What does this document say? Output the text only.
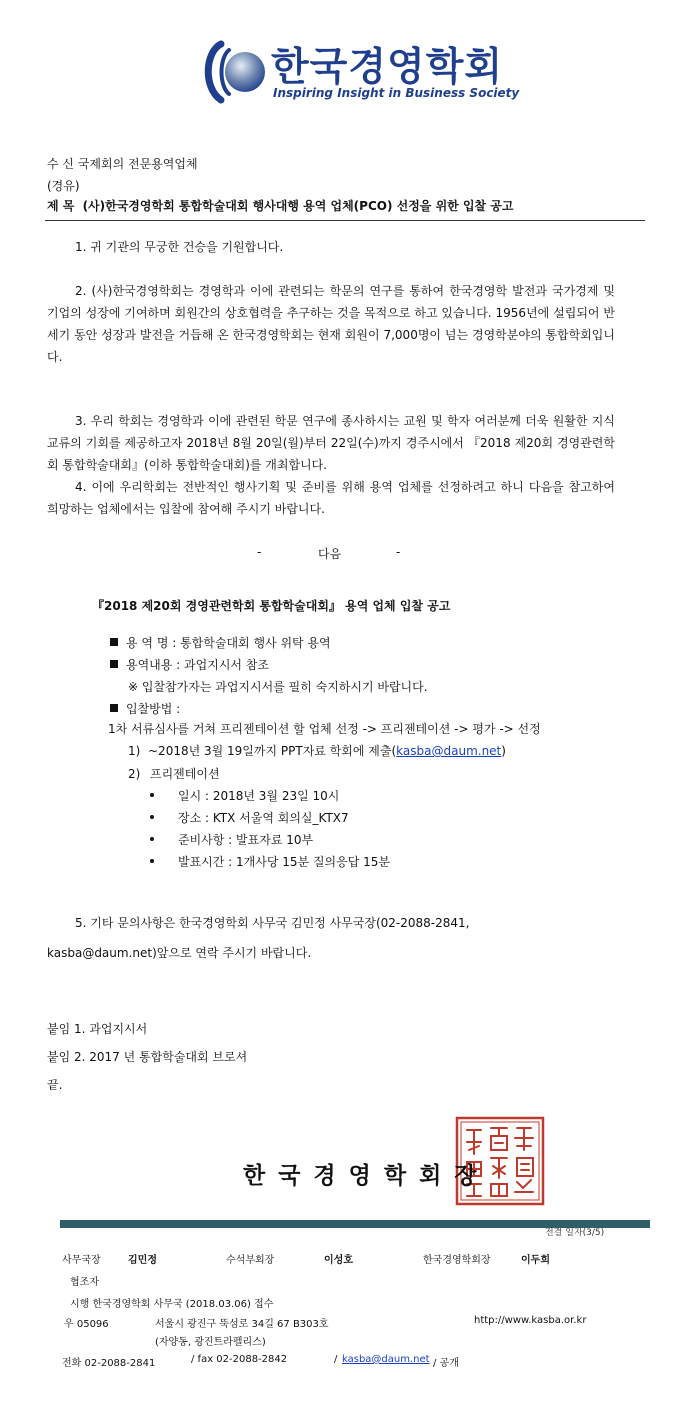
한국경영학회
Inspiring Insight in Business Society
수 신 국제회의 전문용역업체
(경유)
제 목 (사)한국경영학회 통합학술대회 행사대행 용역 업체(PCO) 선정을 위한 입찰 공고
1. 귀 기관의 무궁한 건승을 기원합니다.
2. (사)한국경영학회는 경영학과 이에 관련되는 학문의 연구를 통하여 한국경영학 발전과 국가경제 및 기업의 성장에 기여하며 회원간의 상호협력을 추구하는 것을 목적으로 하고 있습니다. 1956년에 설립되어 반세기 동안 성장과 발전을 거듭해 온 한국경영학회는 현재 회원이 7,000명이 넘는 경영학분야의 통합학회입니다.
3. 우리 학회는 경영학과 이에 관련된 학문 연구에 종사하시는 교원 및 학자 여러분께 더욱 원활한 지식교류의 기회를 제공하고자 2018년 8월 20일(월)부터 22일(수)까지 경주시에서 『2018 제20회 경영관련학회 통합학술대회』(이하 통합학술대회)를 개최합니다.
4. 이에 우리학회는 전반적인 행사기획 및 준비를 위해 용역 업체를 선정하려고 하니 다음을 참고하여 희망하는 업체에서는 입찰에 참여해 주시기 바랍니다.
-	다음	-
『2018 제20회 경영관련학회 통합학술대회』 용역 업체 입찰 공고
용 역 명 : 통합학술대회 행사 위탁 용역
용역내용 : 과업지시서 참조
※ 입찰참가자는 과업지시서를 필히 숙지하시기 바랍니다.
입찰방법 :
1차 서류심사를 거쳐 프리젠테이션 할 업체 선정 -> 프리젠테이션 -> 평가 -> 선정
1) ~2018년 3월 19일까지 PPT자료 학회에 제출(kasba@daum.net)
2) 프리젠테이션
일시 : 2018년 3월 23일 10시
장소 : KTX 서울역 회의실_KTX7
준비사항 : 발표자료 10부
발표시간 : 1개사당 15분 질의응답 15분
5. 기타 문의사항은 한국경영학회 사무국 김민정 사무국장(02-2088-2841,
kasba@daum.net)앞으로 연락 주시기 바랍니다.
붙임 1. 과업지시서
붙임 2. 2017 년 통합학술대회 브로셔
끝.
한국경영학회장
전결 일자(3/5)
사무국장	김민정	수석부회장	이성호	한국경영학회장	이두희
협조자
시행 한국경영학회 사무국 (2018.03.06) 접수
우 05096	서울시 광진구 뚝섬로 34길 67 B303호	http://www.kasba.or.kr
(자양동, 광진트라펠리스)
전화 02-2088-2841	/ fax 02-2088-2842	/ kasba@daum.net / 공개
